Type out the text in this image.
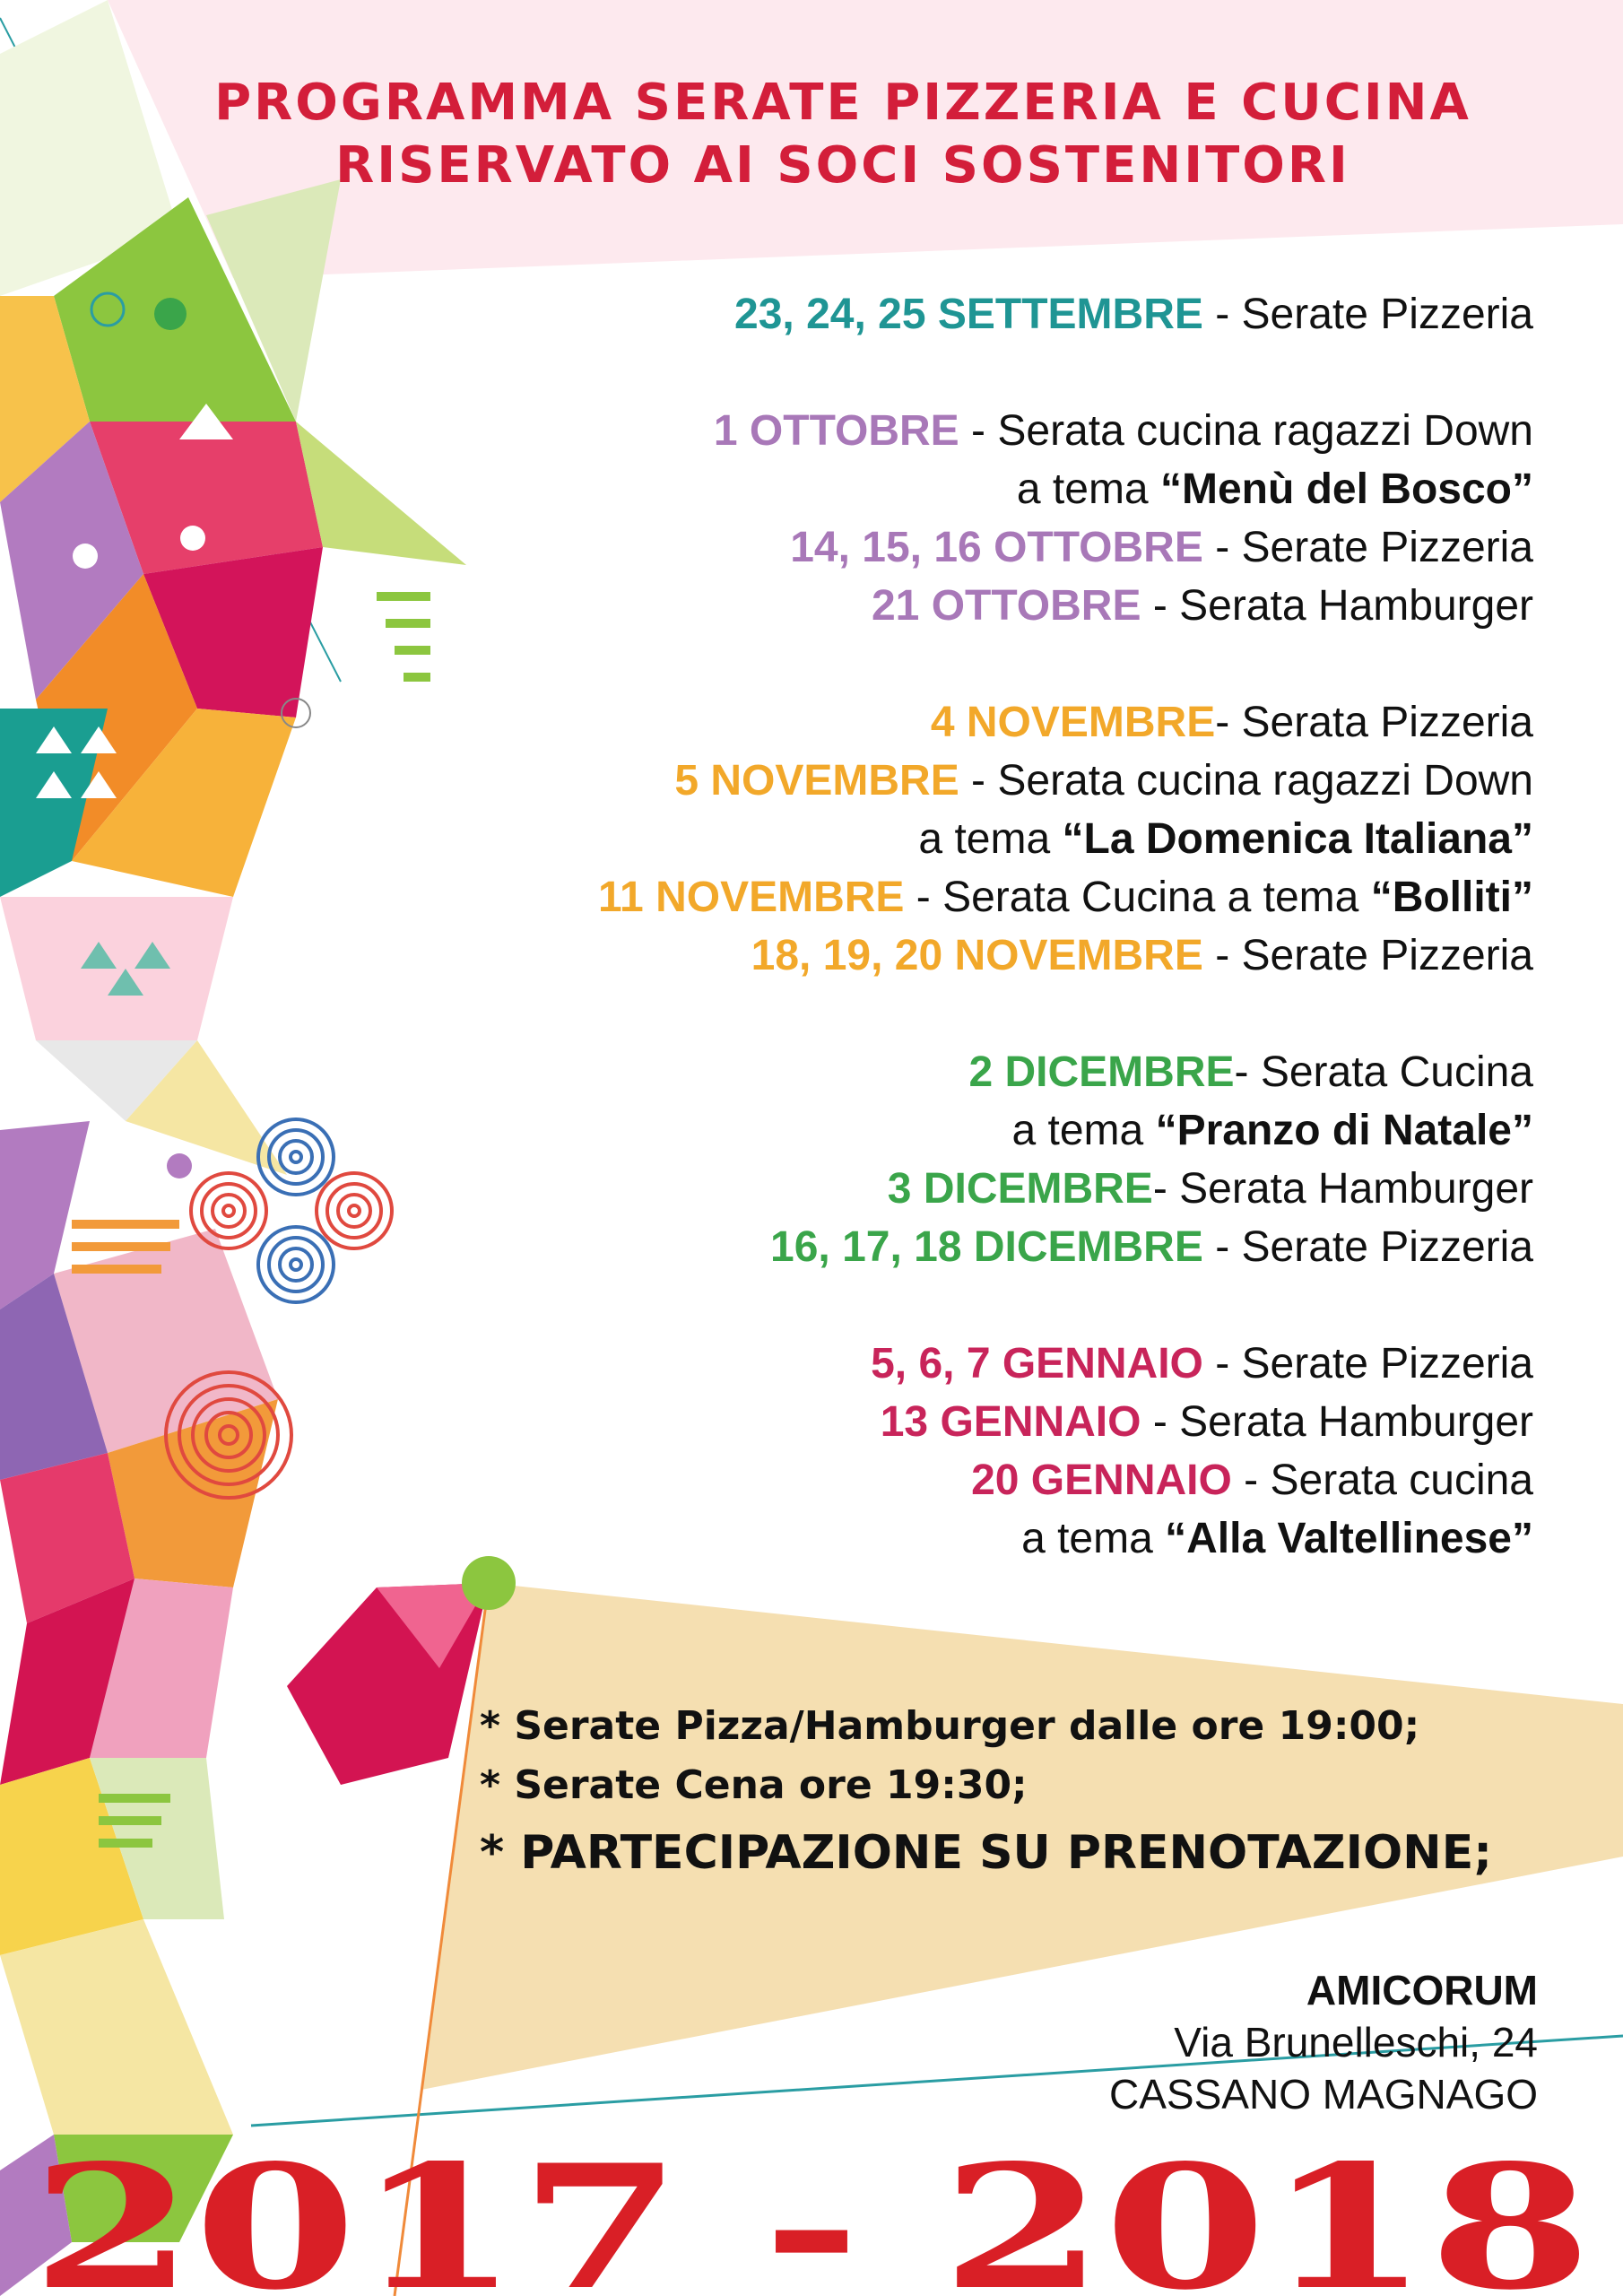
PROGRAMMA SERATE PIZZERIA E CUCINA
RISERVATO AI SOCI SOSTENITORI
23, 24, 25 SETTEMBRE - Serate Pizzeria
1 OTTOBRE - Serata cucina ragazzi Down
a tema “Menù del Bosco”
14, 15, 16 OTTOBRE - Serate Pizzeria
21 OTTOBRE - Serata Hamburger
4 NOVEMBRE- Serata Pizzeria
5 NOVEMBRE - Serata cucina ragazzi Down
a tema “La Domenica Italiana”
11 NOVEMBRE - Serata Cucina a tema “Bolliti”
18, 19, 20 NOVEMBRE - Serate Pizzeria
2 DICEMBRE- Serata Cucina
a tema “Pranzo di Natale”
3 DICEMBRE- Serata Hamburger
16, 17, 18 DICEMBRE - Serate Pizzeria
5, 6, 7 GENNAIO - Serate Pizzeria
13 GENNAIO - Serata Hamburger
20 GENNAIO - Serata cucina
a tema “Alla Valtellinese”
* Serate Pizza/Hamburger dalle ore 19:00;
* Serate Cena ore 19:30;
* PARTECIPAZIONE SU PRENOTAZIONE;
AMICORUM
Via Brunelleschi, 24
CASSANO MAGNAGO
2017 - 2018
